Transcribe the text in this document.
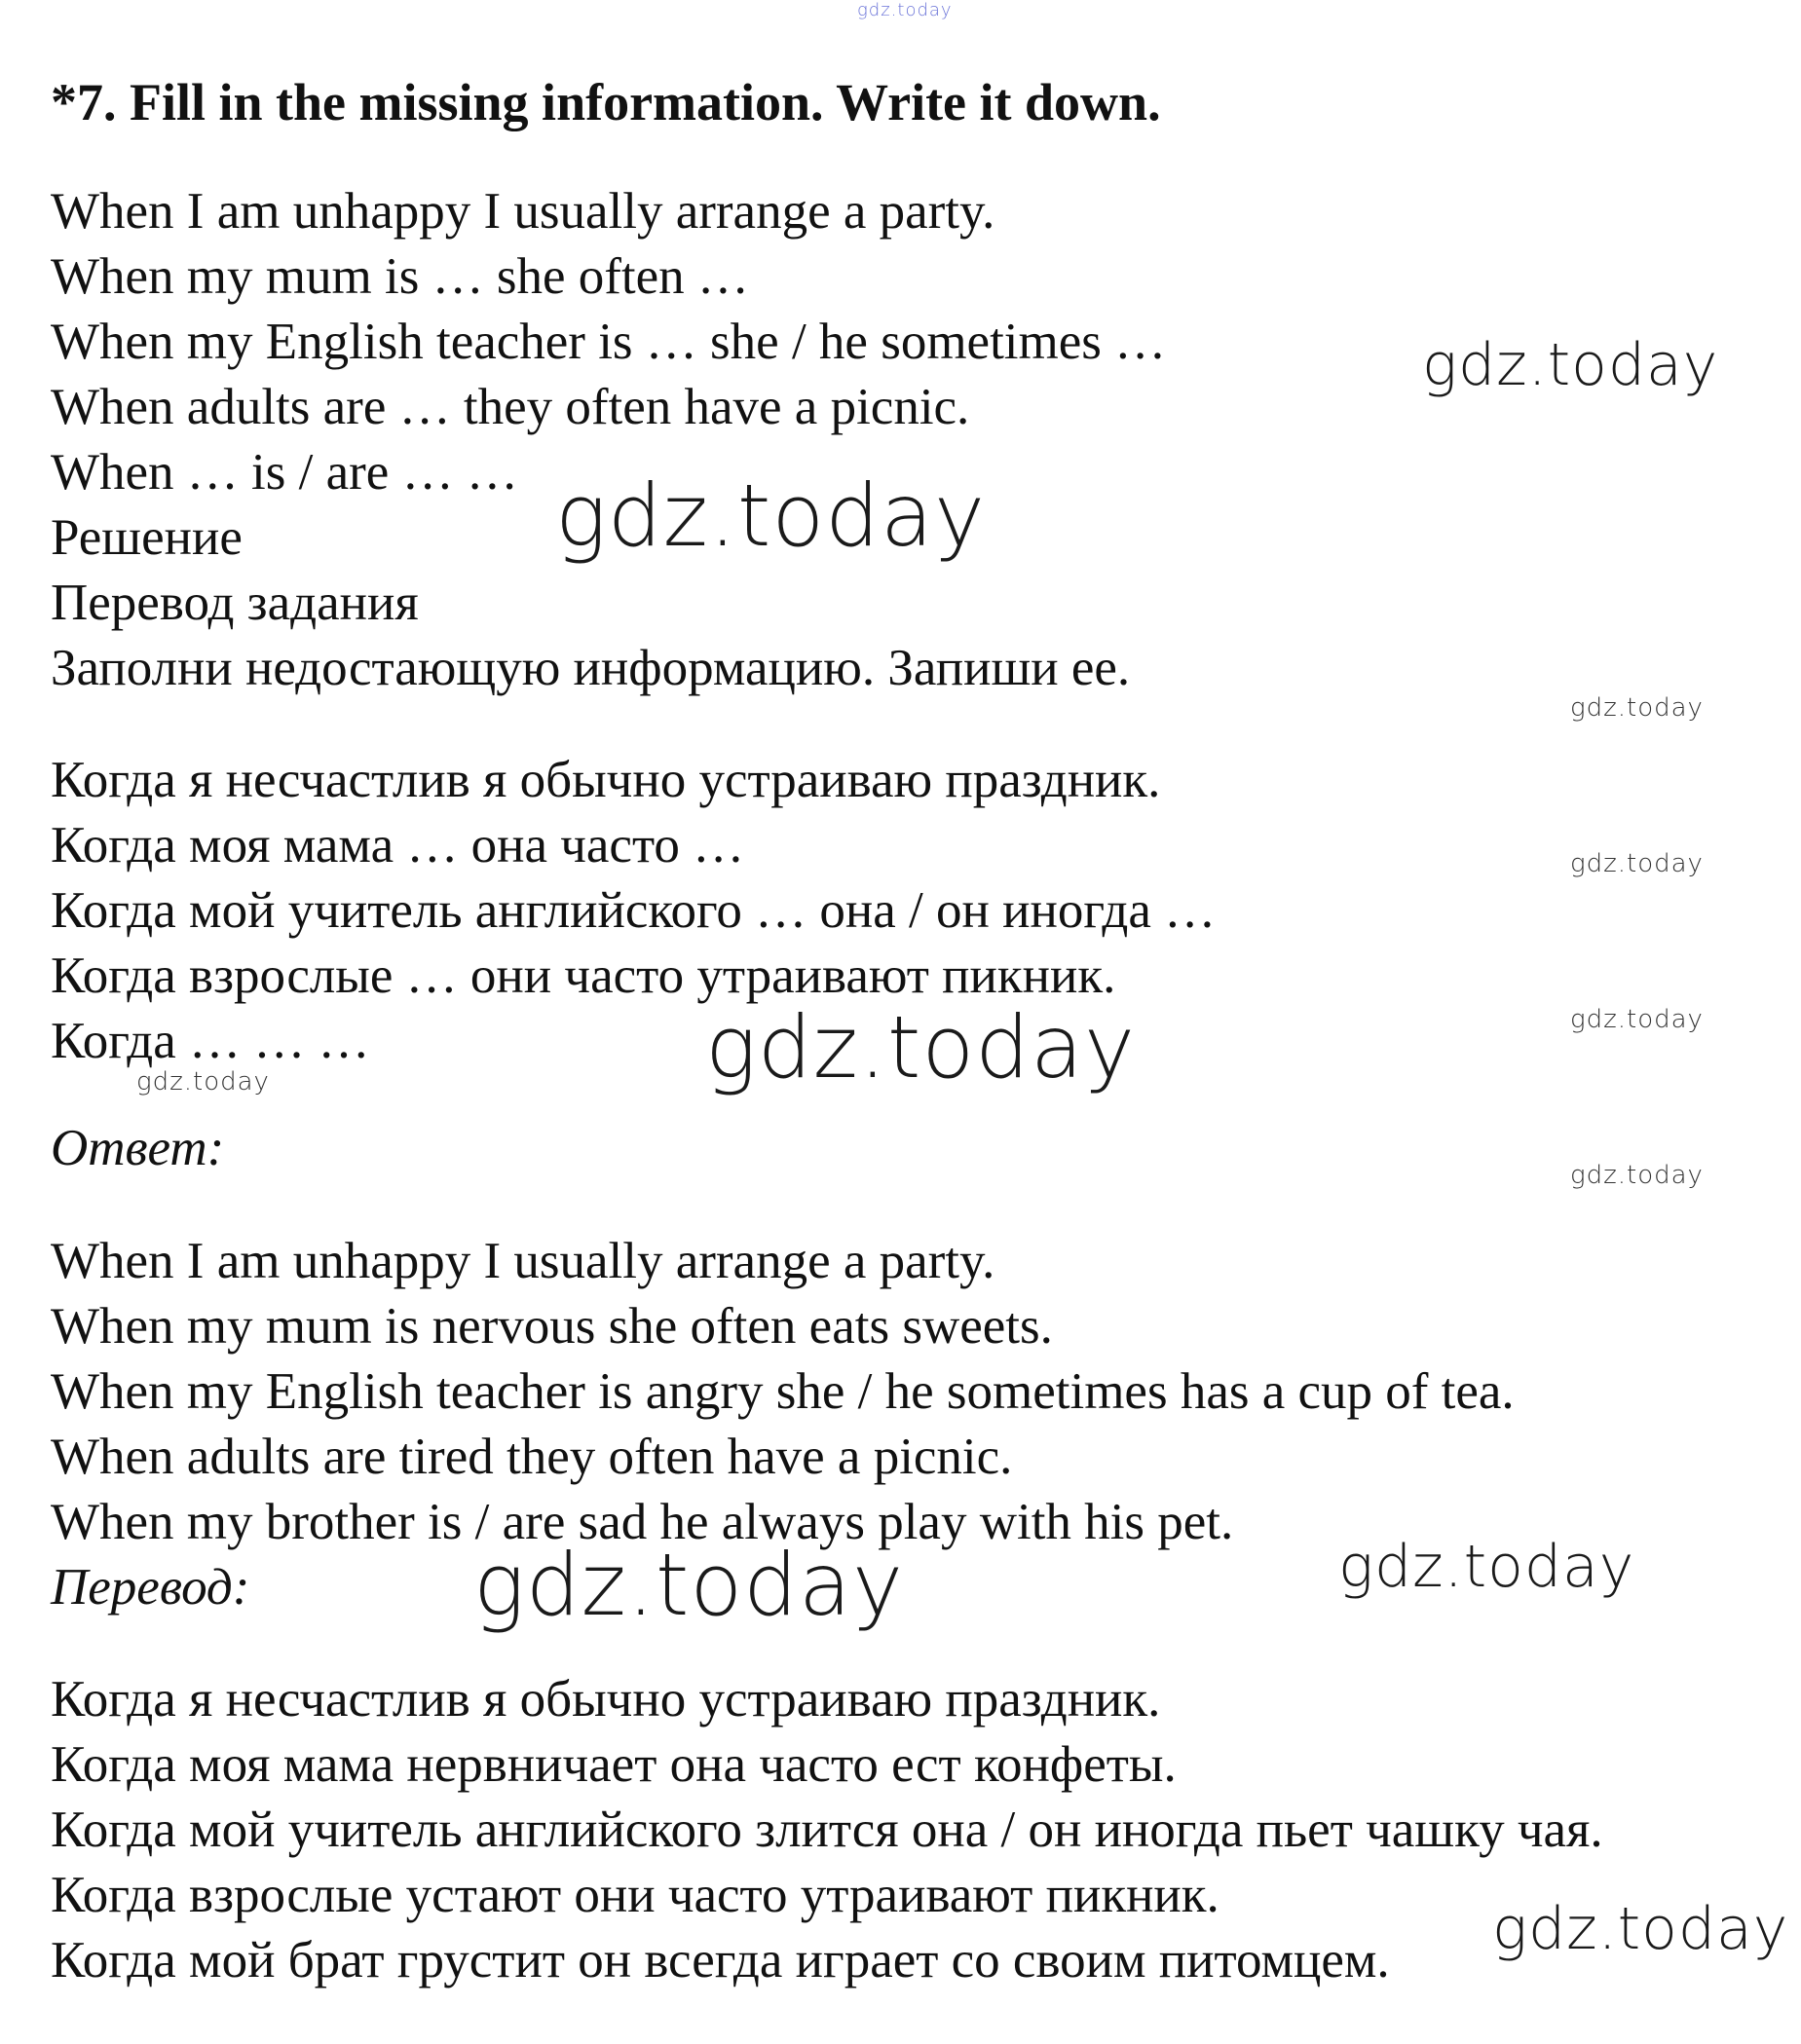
*7. Fill in the missing information. Write it down.
When I am unhappy I usually arrange a party.
When my mum is … she often …
When my English teacher is … she / he sometimes …
When adults are … they often have a picnic.
When … is / are … …
Решение
Перевод задания
Заполни недостающую информацию. Запиши ее.
Когда я несчастлив я обычно устраиваю праздник.
Когда моя мама … она часто …
Когда мой учитель английского … она / он иногда …
Когда взрослые … они часто утраивают пикник.
Когда … … …
Ответ:
When I am unhappy I usually arrange a party.
When my mum is nervous she often eats sweets.
When my English teacher is angry she / he sometimes has a cup of tea.
When adults are tired they often have a picnic.
When my brother is / are sad he always play with his pet.
Перевод:
Когда я несчастлив я обычно устраиваю праздник.
Когда моя мама нервничает она часто ест конфеты.
Когда мой учитель английского злится она / он иногда пьет чашку чая.
Когда взрослые устают они часто утраивают пикник.
Когда мой брат грустит он всегда играет со своим питомцем.
gdz.today
gdz.today
gdz.today
gdz.today
gdz.today
gdz.today
gdz.today
gdz.today
gdz.today
gdz.today
gdz.today
gdz.today
